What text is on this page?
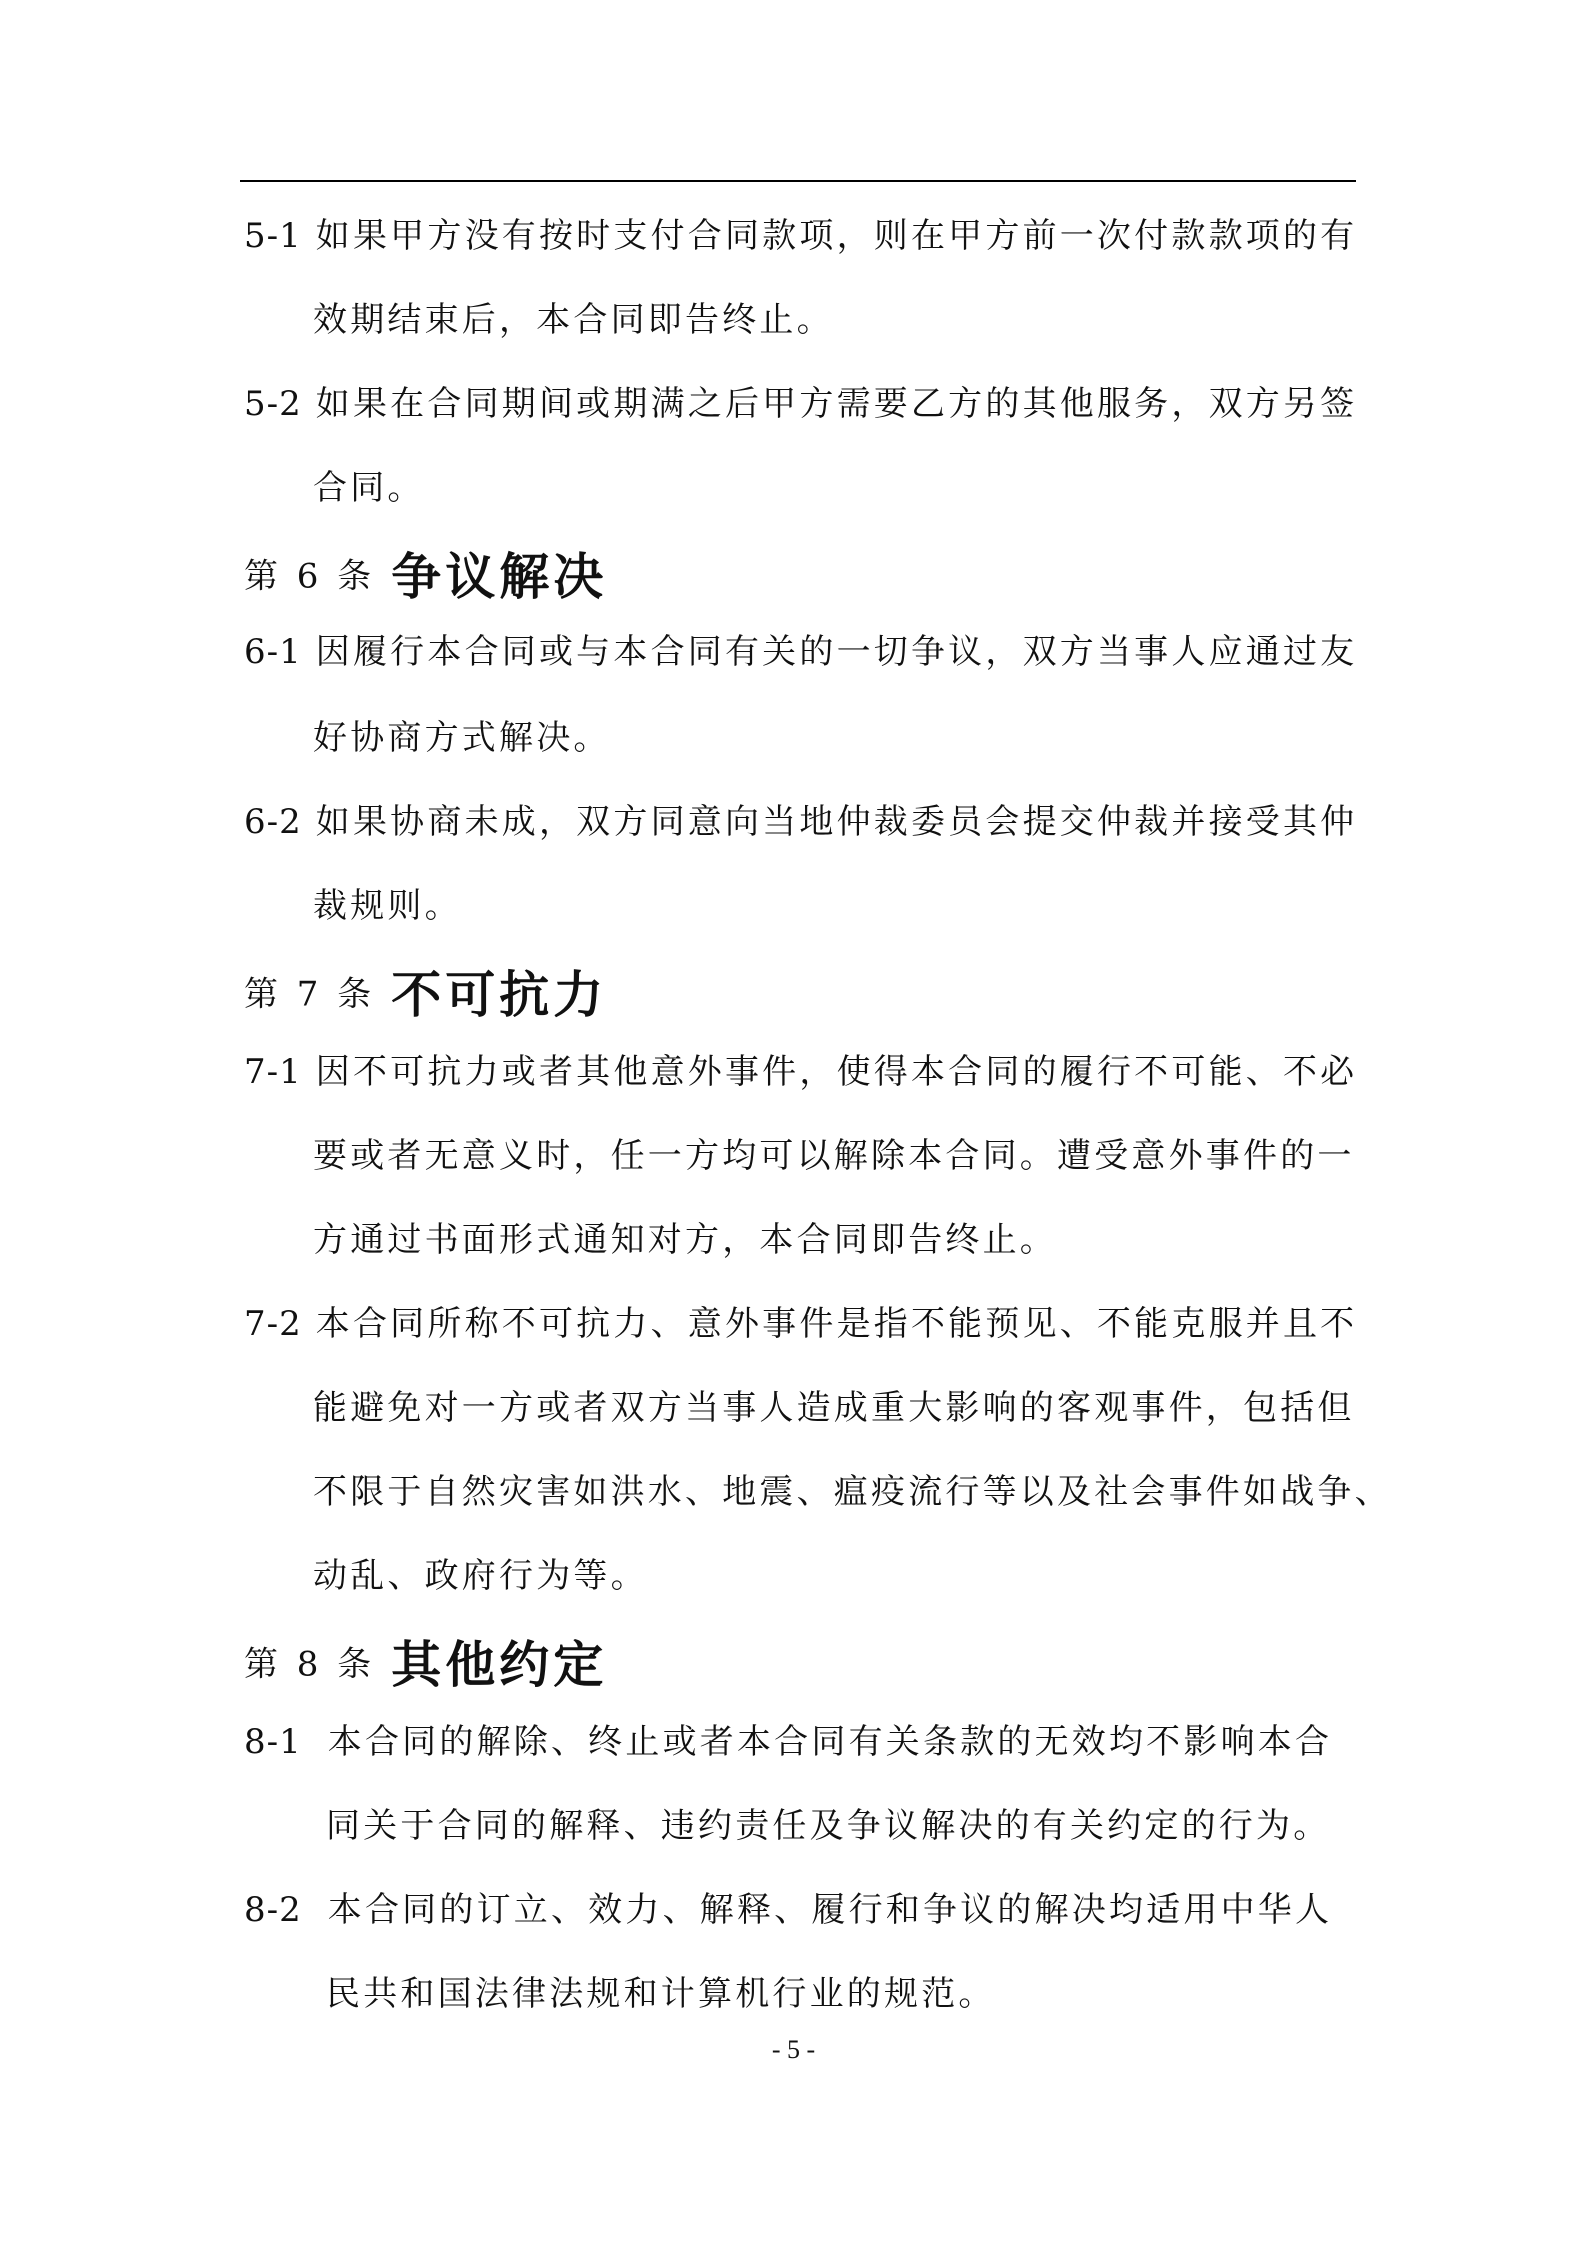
5-1 如果甲方没有按时支付合同款项，则在甲方前一次付款款项的有
效期结束后，本合同即告终止。
5-2 如果在合同期间或期满之后甲方需要乙方的其他服务，双方另签
合同。
第 6 条 争议解决
6-1 因履行本合同或与本合同有关的一切争议，双方当事人应通过友
好协商方式解决。
6-2 如果协商未成，双方同意向当地仲裁委员会提交仲裁并接受其仲
裁规则。
第 7 条 不可抗力
7-1 因不可抗力或者其他意外事件，使得本合同的履行不可能、不必
要或者无意义时，任一方均可以解除本合同。遭受意外事件的一
方通过书面形式通知对方，本合同即告终止。
7-2 本合同所称不可抗力、意外事件是指不能预见、不能克服并且不
能避免对一方或者双方当事人造成重大影响的客观事件，包括但
不限于自然灾害如洪水、地震、瘟疫流行等以及社会事件如战争、
动乱、政府行为等。
第 8 条 其他约定
8-1 本合同的解除、终止或者本合同有关条款的无效均不影响本合
同关于合同的解释、违约责任及争议解决的有关约定的行为。
8-2 本合同的订立、效力、解释、履行和争议的解决均适用中华人
民共和国法律法规和计算机行业的规范。
- 5 -
